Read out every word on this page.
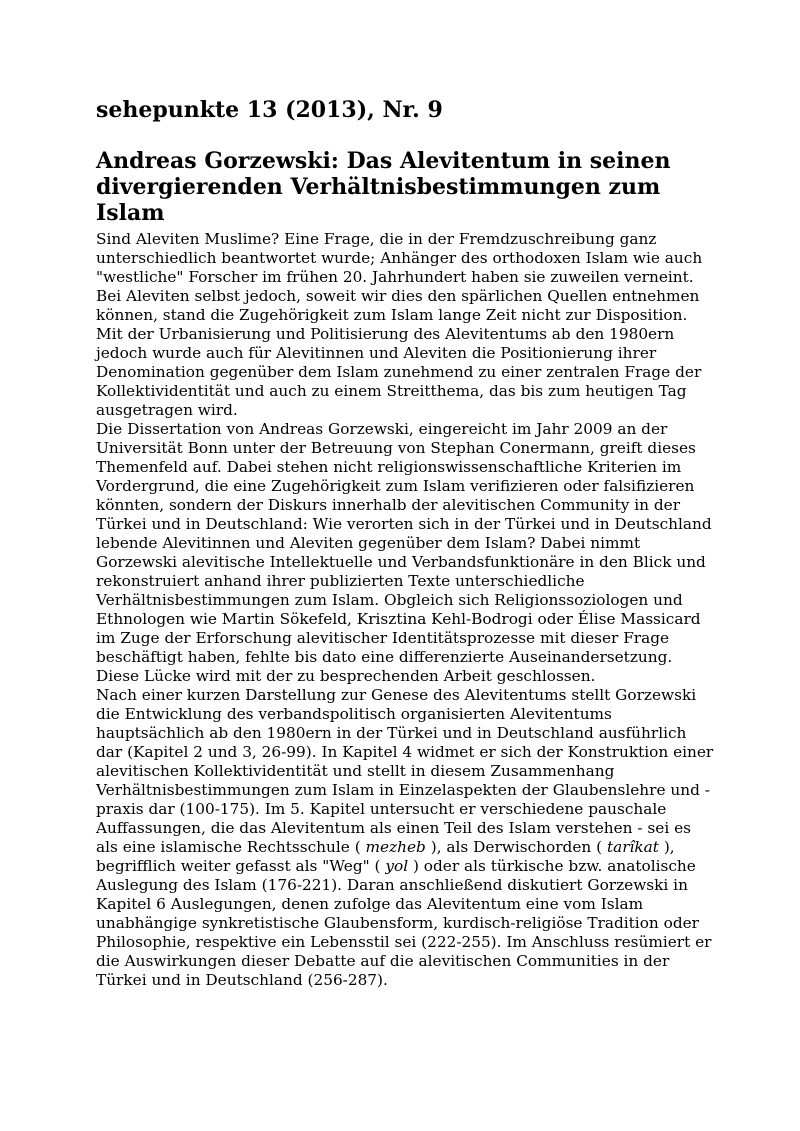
sehepunkte 13 (2013), Nr. 9
Andreas Gorzewski: Das Alevitentum in seinen divergierenden Verhältnisbestimmungen zum Islam

Sind Aleviten Muslime? Eine Frage, die in der Fremdzuschreibung ganz unterschiedlich beantwortet wurde; Anhänger des orthodoxen Islam wie auch "westliche" Forscher im frühen 20. Jahrhundert haben sie zuweilen verneint. Bei Aleviten selbst jedoch, soweit wir dies den spärlichen Quellen entnehmen können, stand die Zugehörigkeit zum Islam lange Zeit nicht zur Disposition. Mit der Urbanisierung und Politisierung des Alevitentums ab den 1980ern jedoch wurde auch für Alevitinnen und Aleviten die Positionierung ihrer Denomination gegenüber dem Islam zunehmend zu einer zentralen Frage der Kollektividentität und auch zu einem Streitthema, das bis zum heutigen Tag ausgetragen wird.

Die Dissertation von Andreas Gorzewski, eingereicht im Jahr 2009 an der Universität Bonn unter der Betreuung von Stephan Conermann, greift dieses Themenfeld auf. Dabei stehen nicht religionswissenschaftliche Kriterien im Vordergrund, die eine Zugehörigkeit zum Islam verifizieren oder falsifizieren könnten, sondern der Diskurs innerhalb der alevitischen Community in der Türkei und in Deutschland: Wie verorten sich in der Türkei und in Deutschland lebende Alevitinnen und Aleviten gegenüber dem Islam? Dabei nimmt Gorzewski alevitische Intellektuelle und Verbandsfunktionäre in den Blick und rekonstruiert anhand ihrer publizierten Texte unterschiedliche Verhältnisbestimmungen zum Islam. Obgleich sich Religionssoziologen und Ethnologen wie Martin Sökefeld, Krisztina Kehl-Bodrogi oder Élise Massicard im Zuge der Erforschung alevitischer Identitätsprozesse mit dieser Frage beschäftigt haben, fehlte bis dato eine differenzierte Auseinandersetzung. Diese Lücke wird mit der zu besprechenden Arbeit geschlossen.

Nach einer kurzen Darstellung zur Genese des Alevitentums stellt Gorzewski die Entwicklung des verbandspolitisch organisierten Alevitentums hauptsächlich ab den 1980ern in der Türkei und in Deutschland ausführlich dar (Kapitel 2 und 3, 26-99). In Kapitel 4 widmet er sich der Konstruktion einer alevitischen Kollektividentität und stellt in diesem Zusammenhang Verhältnisbestimmungen zum Islam in Einzelaspekten der Glaubenslehre und -praxis dar (100-175). Im 5. Kapitel untersucht er verschiedene pauschale Auffassungen, die das Alevitentum als einen Teil des Islam verstehen - sei es als eine islamische Rechtsschule ( mezheb ), als Derwischorden ( tarîkat ), begrifflich weiter gefasst als "Weg" ( yol ) oder als türkische bzw. anatolische Auslegung des Islam (176-221). Daran anschließend diskutiert Gorzewski in Kapitel 6 Auslegungen, denen zufolge das Alevitentum eine vom Islam unabhängige synkretistische Glaubensform, kurdisch-religiöse Tradition oder Philosophie, respektive ein Lebensstil sei (222-255). Im Anschluss resümiert er die Auswirkungen dieser Debatte auf die alevitischen Communities in der Türkei und in Deutschland (256-287).
